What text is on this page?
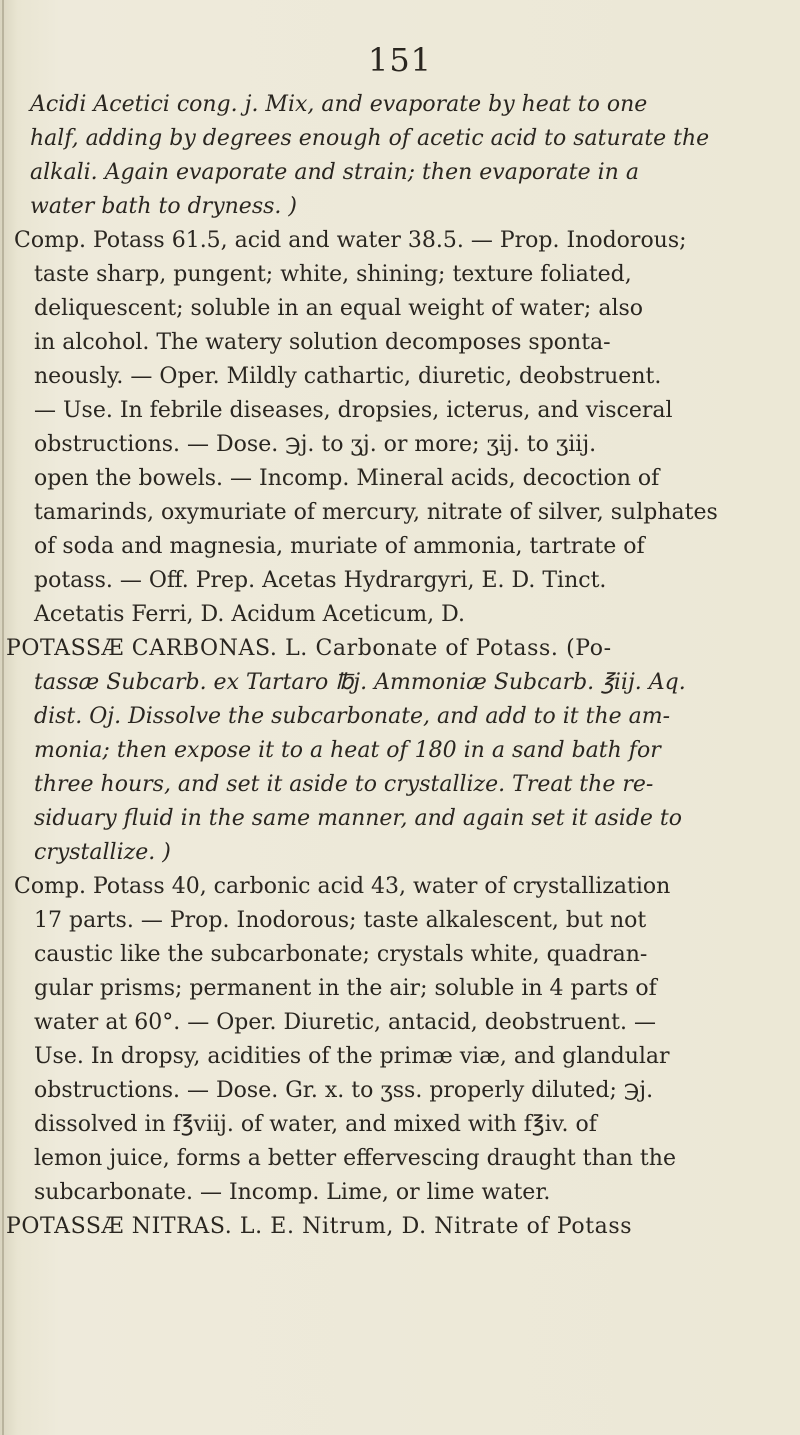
151
Acidi Acetici cong. j. Mix, and evaporate by heat to one
half, adding by degrees enough of acetic acid to saturate the
alkali. Again evaporate and strain; then evaporate in a
water bath to dryness. )
Comp. Potass 61.5, acid and water 38.5. — Prop. Inodorous;
taste sharp, pungent; white, shining; texture foliated,
deliquescent; soluble in an equal weight of water; also
in alcohol. The watery solution decomposes sponta-
neously. — Oper. Mildly cathartic, diuretic, deobstruent.
— Use. In febrile diseases, dropsies, icterus, and visceral
obstructions. — Dose. ℈j. to ʒj. or more; ʒij. to ʒiij.
open the bowels. — Incomp. Mineral acids, decoction of
tamarinds, oxymuriate of mercury, nitrate of silver, sulphates
of soda and magnesia, muriate of ammonia, tartrate of
potass. — Off. Prep. Acetas Hydrargyri, E. D. Tinct.
Acetatis Ferri, D. Acidum Aceticum, D.
POTASSÆ CARBONAS. L. Carbonate of Potass. (Po-
tassæ Subcarb. ex Tartaro ℔j. Ammoniæ Subcarb. ℥iij. Aq.
dist. Oj. Dissolve the subcarbonate, and add to it the am-
monia; then expose it to a heat of 180 in a sand bath for
three hours, and set it aside to crystallize. Treat the re-
siduary fluid in the same manner, and again set it aside to
crystallize. )
Comp. Potass 40, carbonic acid 43, water of crystallization
17 parts. — Prop. Inodorous; taste alkalescent, but not
caustic like the subcarbonate; crystals white, quadran-
gular prisms; permanent in the air; soluble in 4 parts of
water at 60°. — Oper. Diuretic, antacid, deobstruent. —
Use. In dropsy, acidities of the primæ viæ, and glandular
obstructions. — Dose. Gr. x. to ʒss. properly diluted; ℈j.
dissolved in f℥viij. of water, and mixed with f℥iv. of
lemon juice, forms a better effervescing draught than the
subcarbonate. — Incomp. Lime, or lime water.
POTASSÆ NITRAS. L. E. Nitrum, D. Nitrate of Potass
